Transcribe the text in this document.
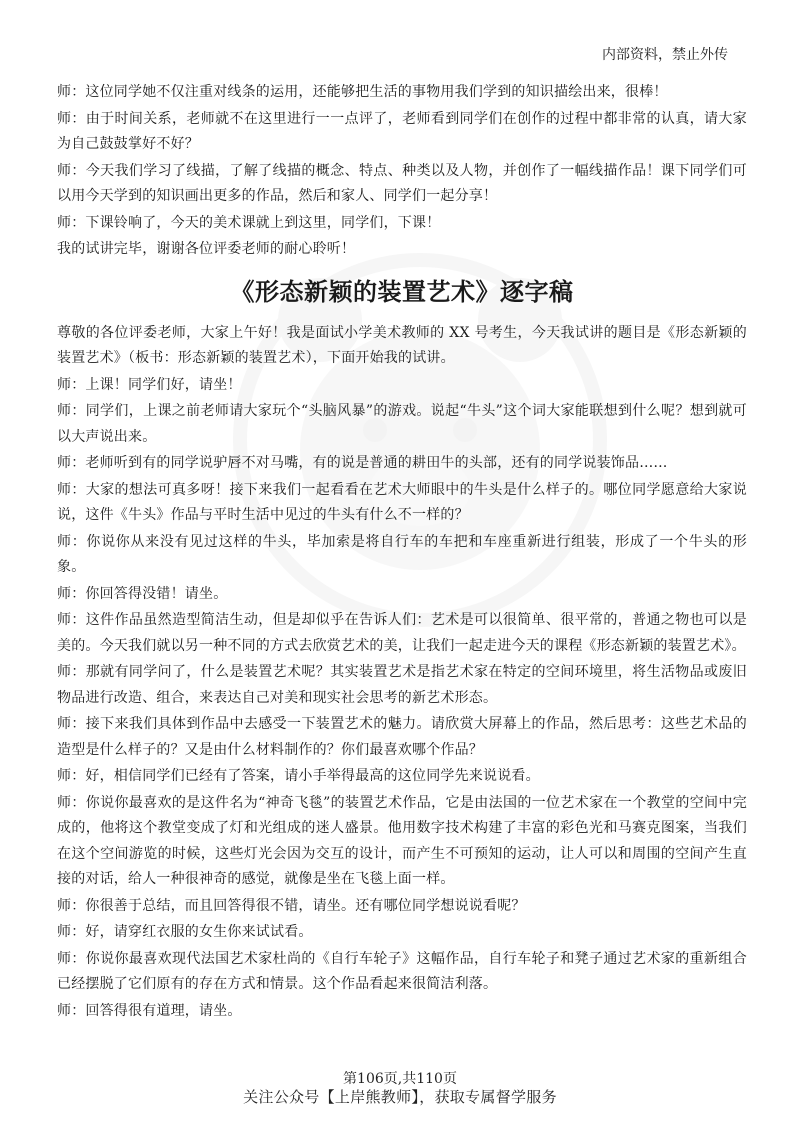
内部资料，禁止外传

师：这位同学她不仅注重对线条的运用，还能够把生活的事物用我们学到的知识描绘出来，很棒！

师：由于时间关系，老师就不在这里进行一一点评了，老师看到同学们在创作的过程中都非常的认真，请大家为自己鼓鼓掌好不好？

师：今天我们学习了线描，了解了线描的概念、特点、种类以及人物，并创作了一幅线描作品！课下同学们可以用今天学到的知识画出更多的作品，然后和家人、同学们一起分享！

师：下课铃响了，今天的美术课就上到这里，同学们，下课！

我的试讲完毕，谢谢各位评委老师的耐心聆听！

《形态新颖的装置艺术》逐字稿

尊敬的各位评委老师，大家上午好！我是面试小学美术教师的 XX 号考生，今天我试讲的题目是《形态新颖的装置艺术》（板书：形态新颖的装置艺术），下面开始我的试讲。

师：上课！同学们好，请坐！

师：同学们，上课之前老师请大家玩个“头脑风暴”的游戏。说起“牛头”这个词大家能联想到什么呢？想到就可以大声说出来。

师：老师听到有的同学说驴唇不对马嘴，有的说是普通的耕田牛的头部，还有的同学说装饰品……

师：大家的想法可真多呀！接下来我们一起看看在艺术大师眼中的牛头是什么样子的。哪位同学愿意给大家说说，这件《牛头》作品与平时生活中见过的牛头有什么不一样的？

师：你说你从来没有见过这样的牛头，毕加索是将自行车的车把和车座重新进行组装，形成了一个牛头的形象。

师：你回答得没错！请坐。

师：这件作品虽然造型简洁生动，但是却似乎在告诉人们：艺术是可以很简单、很平常的，普通之物也可以是美的。今天我们就以另一种不同的方式去欣赏艺术的美，让我们一起走进今天的课程《形态新颖的装置艺术》。

师：那就有同学问了，什么是装置艺术呢？其实装置艺术是指艺术家在特定的空间环境里，将生活物品或废旧物品进行改造、组合，来表达自己对美和现实社会思考的新艺术形态。

师：接下来我们具体到作品中去感受一下装置艺术的魅力。请欣赏大屏幕上的作品，然后思考：这些艺术品的造型是什么样子的？又是由什么材料制作的？你们最喜欢哪个作品？

师：好，相信同学们已经有了答案，请小手举得最高的这位同学先来说说看。

师：你说你最喜欢的是这件名为“神奇飞毯”的装置艺术作品，它是由法国的一位艺术家在一个教堂的空间中完成的，他将这个教堂变成了灯和光组成的迷人盛景。他用数字技术构建了丰富的彩色光和马赛克图案，当我们在这个空间游览的时候，这些灯光会因为交互的设计，而产生不可预知的运动，让人可以和周围的空间产生直接的对话，给人一种很神奇的感觉，就像是坐在飞毯上面一样。

师：你很善于总结，而且回答得很不错，请坐。还有哪位同学想说说看呢？

师：好，请穿红衣服的女生你来试试看。

师：你说你最喜欢现代法国艺术家杜尚的《自行车轮子》这幅作品，自行车轮子和凳子通过艺术家的重新组合已经摆脱了它们原有的存在方式和情景。这个作品看起来很简洁利落。

师：回答得很有道理，请坐。

第106页,共110页
关注公众号【上岸熊教师】，获取专属督学服务
